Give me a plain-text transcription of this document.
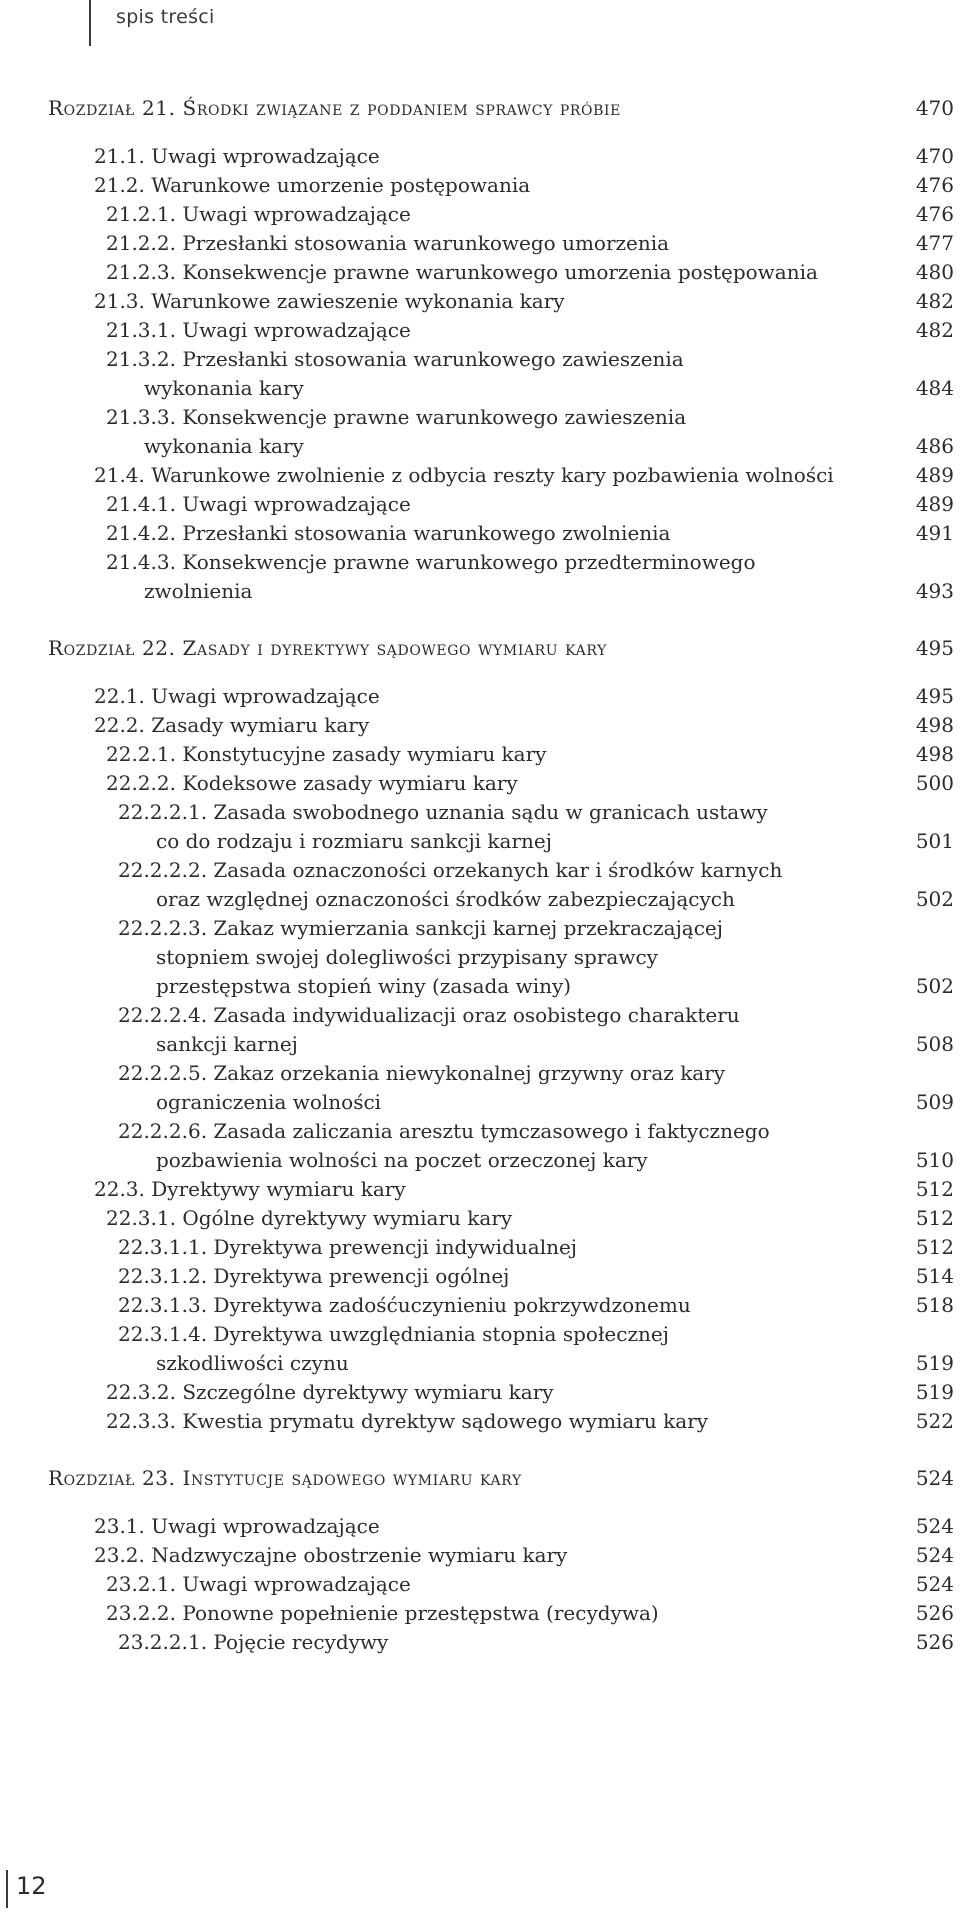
spis treści
Rozdział 21. Środki związane z poddaniem sprawcy próbie	470
21.1. Uwagi wprowadzające	470
21.2. Warunkowe umorzenie postępowania	476
21.2.1. Uwagi wprowadzające	476
21.2.2. Przesłanki stosowania warunkowego umorzenia	477
21.2.3. Konsekwencje prawne warunkowego umorzenia postępowania	480
21.3. Warunkowe zawieszenie wykonania kary	482
21.3.1. Uwagi wprowadzające	482
21.3.2. Przesłanki stosowania warunkowego zawieszenia
wykonania kary	484
21.3.3. Konsekwencje prawne warunkowego zawieszenia
wykonania kary	486
21.4. Warunkowe zwolnienie z odbycia reszty kary pozbawienia wolności	489
21.4.1. Uwagi wprowadzające	489
21.4.2. Przesłanki stosowania warunkowego zwolnienia	491
21.4.3. Konsekwencje prawne warunkowego przedterminowego
zwolnienia	493
Rozdział 22. Zasady i dyrektywy sądowego wymiaru kary	495
22.1. Uwagi wprowadzające	495
22.2. Zasady wymiaru kary	498
22.2.1. Konstytucyjne zasady wymiaru kary	498
22.2.2. Kodeksowe zasady wymiaru kary	500
22.2.2.1. Zasada swobodnego uznania sądu w granicach ustawy
co do rodzaju i rozmiaru sankcji karnej	501
22.2.2.2. Zasada oznaczoności orzekanych kar i środków karnych
oraz względnej oznaczoności środków zabezpieczających	502
22.2.2.3. Zakaz wymierzania sankcji karnej przekraczającej
stopniem swojej dolegliwości przypisany sprawcy
przestępstwa stopień winy (zasada winy)	502
22.2.2.4. Zasada indywidualizacji oraz osobistego charakteru
sankcji karnej	508
22.2.2.5. Zakaz orzekania niewykonalnej grzywny oraz kary
ograniczenia wolności	509
22.2.2.6. Zasada zaliczania aresztu tymczasowego i faktycznego
pozbawienia wolności na poczet orzeczonej kary	510
22.3. Dyrektywy wymiaru kary	512
22.3.1. Ogólne dyrektywy wymiaru kary	512
22.3.1.1. Dyrektywa prewencji indywidualnej	512
22.3.1.2. Dyrektywa prewencji ogólnej	514
22.3.1.3. Dyrektywa zadośćuczynieniu pokrzywdzonemu	518
22.3.1.4. Dyrektywa uwzględniania stopnia społecznej
szkodliwości czynu	519
22.3.2. Szczególne dyrektywy wymiaru kary	519
22.3.3. Kwestia prymatu dyrektyw sądowego wymiaru kary	522
Rozdział 23. Instytucje sądowego wymiaru kary	524
23.1. Uwagi wprowadzające	524
23.2. Nadzwyczajne obostrzenie wymiaru kary	524
23.2.1. Uwagi wprowadzające	524
23.2.2. Ponowne popełnienie przestępstwa (recydywa)	526
23.2.2.1. Pojęcie recydywy	526
12
